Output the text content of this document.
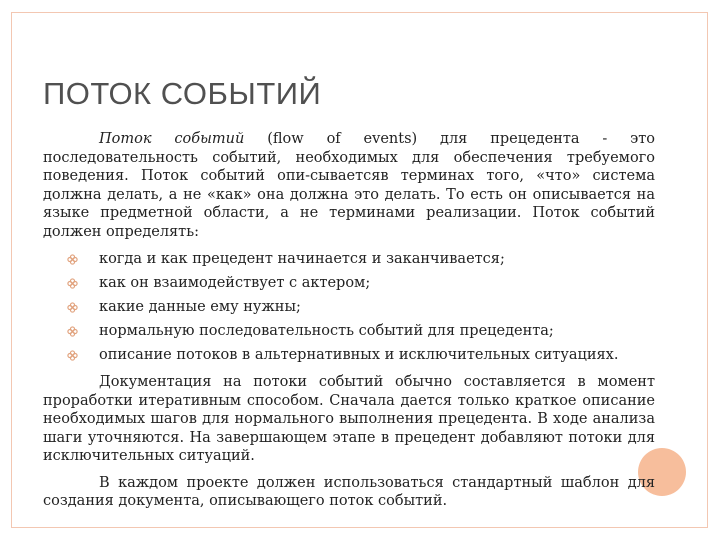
ПОТОК СОБЫТИЙ

Поток событий (flow of events) для прецедента - это последовательность событий, необходимых для обеспечения требуемого поведения. Поток событий опи-сываетсяв терминах того, «что» система должна делать, а не «как» она должна это делать. То есть он описывается на языке предметной области, а не терминами реализации. Поток событий должен определять:

когда и как прецедент начинается и заканчивается;
как он взаимодействует с актером;
какие данные ему нужны;
нормальную последовательность событий для прецедента;
описание потоков в альтернативных и исключительных ситуациях.

Документация на потоки событий обычно составляется в момент проработки итеративным способом. Сначала дается только краткое описание необходимых шагов для нормального выполнения прецедента. В ходе анализа шаги уточняются. На завершающем этапе в прецедент добавляют потоки для исключительных ситуаций.

В каждом проекте должен использоваться стандартный шаблон для создания документа, описывающего поток событий.
